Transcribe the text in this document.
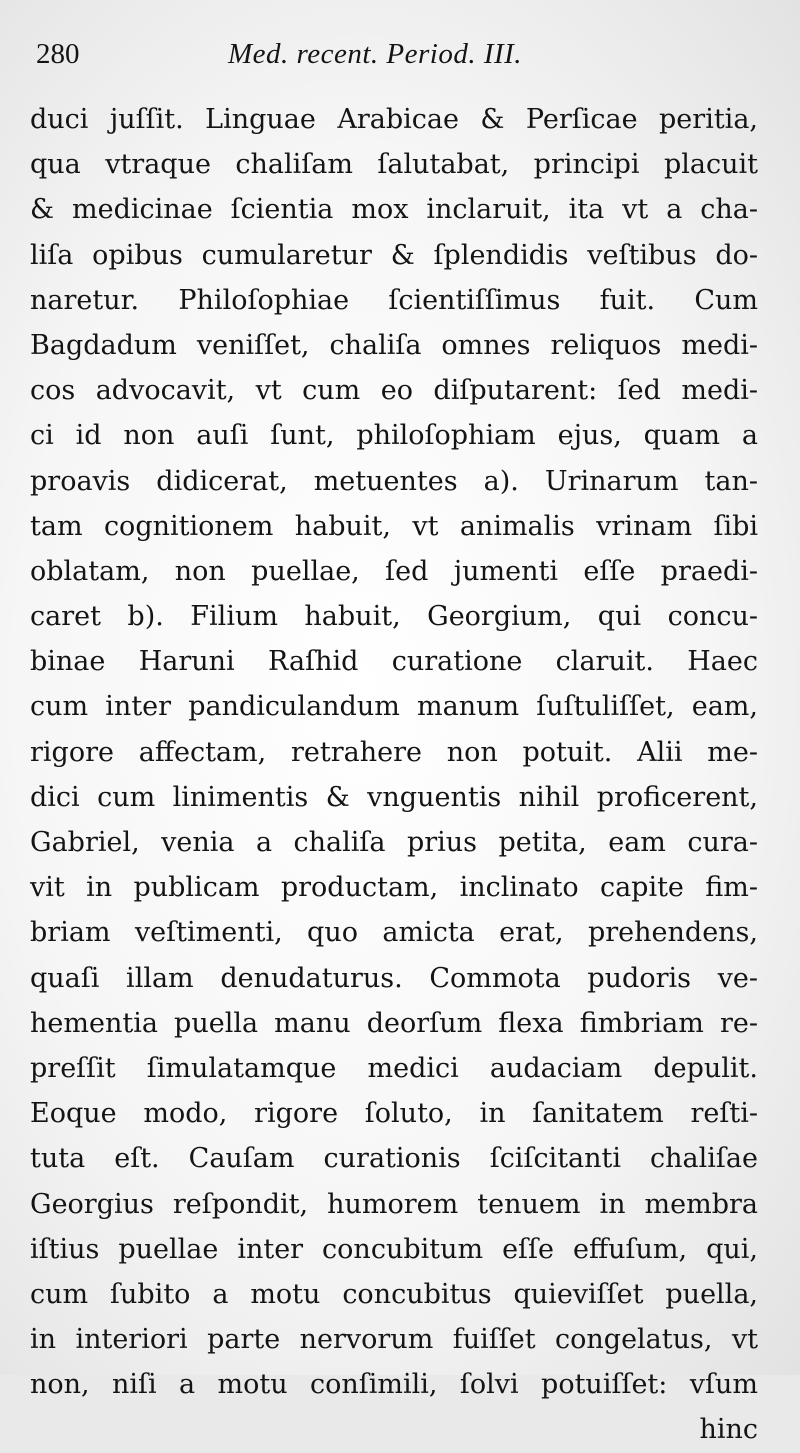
280	Med. recent. Period. III.
duci juſſit. Linguae Arabicae & Perſicae peritia,
qua vtraque chaliſam ſalutabat, principi placuit
& medicinae ſcientia mox inclaruit, ita vt a cha-
liſa opibus cumularetur & ſplendidis veſtibus do-
naretur. Philoſophiae ſcientiſſimus fuit. Cum
Bagdadum veniſſet, chaliſa omnes reliquos medi-
cos advocavit, vt cum eo diſputarent: ſed medi-
ci id non auſi ſunt, philoſophiam ejus, quam a
proavis didicerat, metuentes a). Urinarum tan-
tam cognitionem habuit, vt animalis vrinam ſibi
oblatam, non puellae, ſed jumenti eſſe praedi-
caret b). Filium habuit, Georgium, qui concu-
binae Haruni Raſhid curatione claruit. Haec
cum inter pandiculandum manum ſuſtuliſſet, eam,
rigore affectam, retrahere non potuit. Alii me-
dici cum linimentis & vnguentis nihil proficerent,
Gabriel, venia a chaliſa prius petita, eam cura-
vit in publicam productam, inclinato capite fim-
briam veſtimenti, quo amicta erat, prehendens,
quaſi illam denudaturus. Commota pudoris ve-
hementia puella manu deorſum flexa fimbriam re-
preſſit ſimulatamque medici audaciam depulit.
Eoque modo, rigore ſoluto, in ſanitatem reſti-
tuta eſt. Cauſam curationis ſciſcitanti chaliſae
Georgius reſpondit, humorem tenuem in membra
iſtius puellae inter concubitum eſſe effuſum, qui,
cum ſubito a motu concubitus quieviſſet puella,
in interiori parte nervorum fuiſſet congelatus, vt
non, niſi a motu conſimili, ſolvi potuiſſet: vſum
hinc
